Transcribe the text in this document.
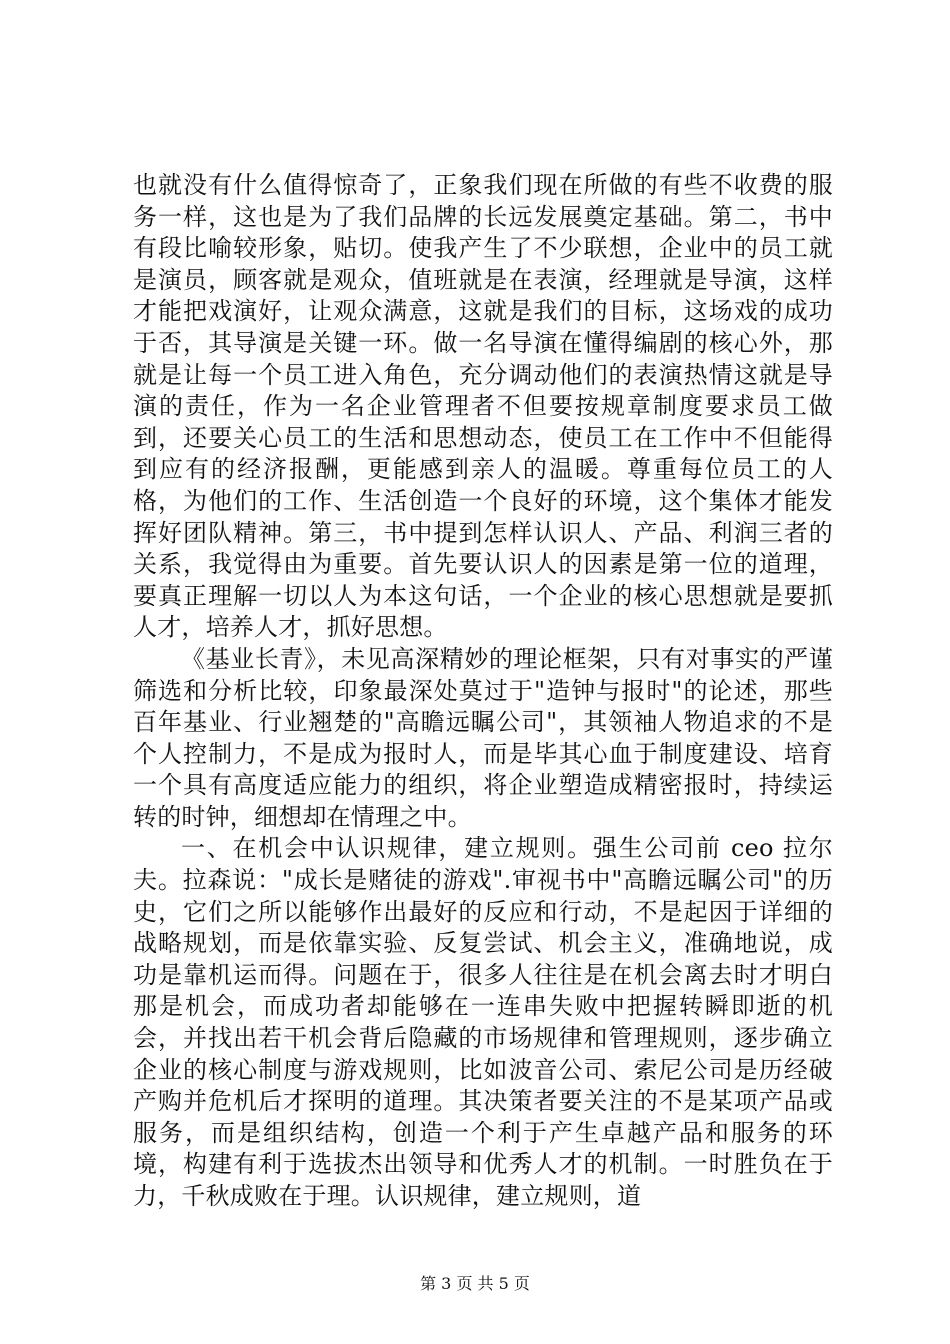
也就没有什么值得惊奇了，正象我们现在所做的有些不收费的服务一样，这也是为了我们品牌的长远发展奠定基础。第二，书中有段比喻较形象，贴切。使我产生了不少联想，企业中的员工就是演员，顾客就是观众，值班就是在表演，经理就是导演，这样才能把戏演好，让观众满意，这就是我们的目标，这场戏的成功于否，其导演是关键一环。做一名导演在懂得编剧的核心外，那就是让每一个员工进入角色，充分调动他们的表演热情这就是导演的责任，作为一名企业管理者不但要按规章制度要求员工做到，还要关心员工的生活和思想动态，使员工在工作中不但能得到应有的经济报酬，更能感到亲人的温暖。尊重每位员工的人格，为他们的工作、生活创造一个良好的环境，这个集体才能发挥好团队精神。第三，书中提到怎样认识人、产品、利润三者的关系，我觉得由为重要。首先要认识人的因素是第一位的道理，要真正理解一切以人为本这句话，一个企业的核心思想就是要抓人才，培养人才，抓好思想。

《基业长青》，未见高深精妙的理论框架，只有对事实的严谨筛选和分析比较，印象最深处莫过于"造钟与报时"的论述，那些百年基业、行业翘楚的"高瞻远瞩公司"，其领袖人物追求的不是个人控制力，不是成为报时人，而是毕其心血于制度建设、培育一个具有高度适应能力的组织，将企业塑造成精密报时，持续运转的时钟，细想却在情理之中。

一、在机会中认识规律，建立规则。强生公司前 ceo 拉尔夫。拉森说："成长是赌徒的游戏".审视书中"高瞻远瞩公司"的历史，它们之所以能够作出最好的反应和行动，不是起因于详细的战略规划，而是依靠实验、反复尝试、机会主义，准确地说，成功是靠机运而得。问题在于，很多人往往是在机会离去时才明白那是机会，而成功者却能够在一连串失败中把握转瞬即逝的机会，并找出若干机会背后隐藏的市场规律和管理规则，逐步确立企业的核心制度与游戏规则，比如波音公司、索尼公司是历经破产购并危机后才探明的道理。其决策者要关注的不是某项产品或服务，而是组织结构，创造一个利于产生卓越产品和服务的环境，构建有利于选拔杰出领导和优秀人才的机制。一时胜负在于力，千秋成败在于理。认识规律，建立规则，道

第 3 页 共 5 页
